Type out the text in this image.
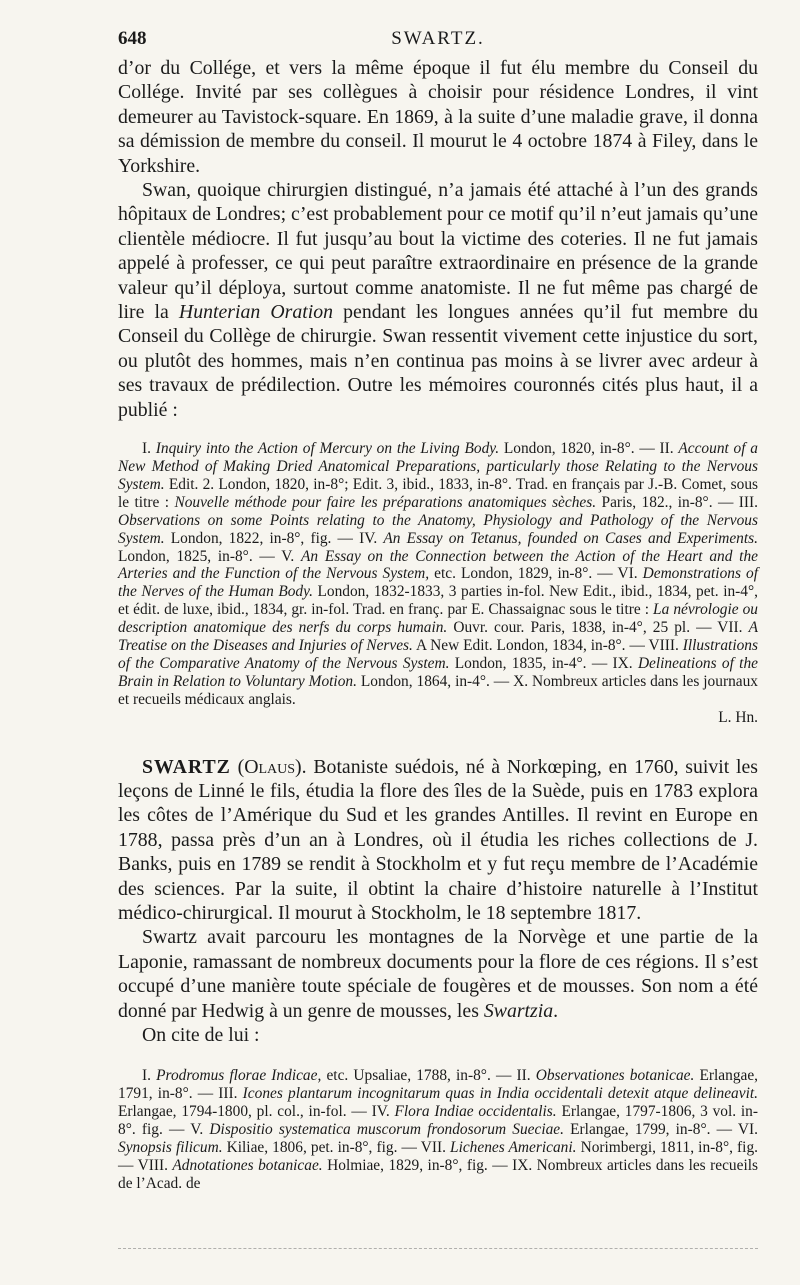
648	SWARTZ.

d’or du Collége, et vers la même époque il fut élu membre du Conseil du Collége. Invité par ses collègues à choisir pour résidence Londres, il vint demeurer au Tavistock-square. En 1869, à la suite d’une maladie grave, il donna sa démission de membre du conseil. Il mourut le 4 octobre 1874 à Filey, dans le Yorkshire.

Swan, quoique chirurgien distingué, n’a jamais été attaché à l’un des grands hôpitaux de Londres; c’est probablement pour ce motif qu’il n’eut jamais qu’une clientèle médiocre. Il fut jusqu’au bout la victime des coteries. Il ne fut jamais appelé à professer, ce qui peut paraître extraordinaire en présence de la grande valeur qu’il déploya, surtout comme anatomiste. Il ne fut même pas chargé de lire la Hunterian Oration pendant les longues années qu’il fut membre du Conseil du Collège de chirurgie. Swan ressentit vivement cette injustice du sort, ou plutôt des hommes, mais n’en continua pas moins à se livrer avec ardeur à ses travaux de prédilection. Outre les mémoires couronnés cités plus haut, il a publié :

I. Inquiry into the Action of Mercury on the Living Body. London, 1820, in-8°. — II. Account of a New Method of Making Dried Anatomical Preparations, particularly those Relating to the Nervous System. Edit. 2. London, 1820, in-8°; Edit. 3, ibid., 1833, in-8°. Trad. en français par J.-B. Comet, sous le titre : Nouvelle méthode pour faire les préparations anatomiques sèches. Paris, 182., in-8°. — III. Observations on some Points relating to the Anatomy, Physiology and Pathology of the Nervous System. London, 1822, in-8°, fig. — IV. An Essay on Tetanus, founded on Cases and Experiments. London, 1825, in-8°. — V. An Essay on the Connection between the Action of the Heart and the Arteries and the Function of the Nervous System, etc. London, 1829, in-8°. — VI. Demonstrations of the Nerves of the Human Body. London, 1832-1833, 3 parties in-fol. New Edit., ibid., 1834, pet. in-4°, et édit. de luxe, ibid., 1834, gr. in-fol. Trad. en franç. par E. Chassaignac sous le titre : La névrologie ou description anatomique des nerfs du corps humain. Ouvr. cour. Paris, 1838, in-4°, 25 pl. — VII. A Treatise on the Diseases and Injuries of Nerves. A New Edit. London, 1834, in-8°. — VIII. Illustrations of the Comparative Anatomy of the Nervous System. London, 1835, in-4°. — IX. Delineations of the Brain in Relation to Voluntary Motion. London, 1864, in-4°. — X. Nombreux articles dans les journaux et recueils médicaux anglais.
L. Hn.

SWARTZ (Olaus). Botaniste suédois, né à Norkœping, en 1760, suivit les leçons de Linné le fils, étudia la flore des îles de la Suède, puis en 1783 explora les côtes de l’Amérique du Sud et les grandes Antilles. Il revint en Europe en 1788, passa près d’un an à Londres, où il étudia les riches collections de J. Banks, puis en 1789 se rendit à Stockholm et y fut reçu membre de l’Académie des sciences. Par la suite, il obtint la chaire d’histoire naturelle à l’Institut médico-chirurgical. Il mourut à Stockholm, le 18 septembre 1817.

Swartz avait parcouru les montagnes de la Norvège et une partie de la Laponie, ramassant de nombreux documents pour la flore de ces régions. Il s’est occupé d’une manière toute spéciale de fougères et de mousses. Son nom a été donné par Hedwig à un genre de mousses, les Swartzia.

On cite de lui :

I. Prodromus florae Indicae, etc. Upsaliae, 1788, in-8°. — II. Observationes botanicae. Erlangae, 1791, in-8°. — III. Icones plantarum incognitarum quas in India occidentali detexit atque delineavit. Erlangae, 1794-1800, pl. col., in-fol. — IV. Flora Indiae occidentalis. Erlangae, 1797-1806, 3 vol. in-8°. fig. — V. Dispositio systematica muscorum frondosorum Sueciae. Erlangae, 1799, in-8°. — VI. Synopsis filicum. Kiliae, 1806, pet. in-8°, fig. — VII. Lichenes Americani. Norimbergi, 1811, in-8°, fig. — VIII. Adnotationes botanicae. Holmiae, 1829, in-8°, fig. — IX. Nombreux articles dans les recueils de l’Acad. de
